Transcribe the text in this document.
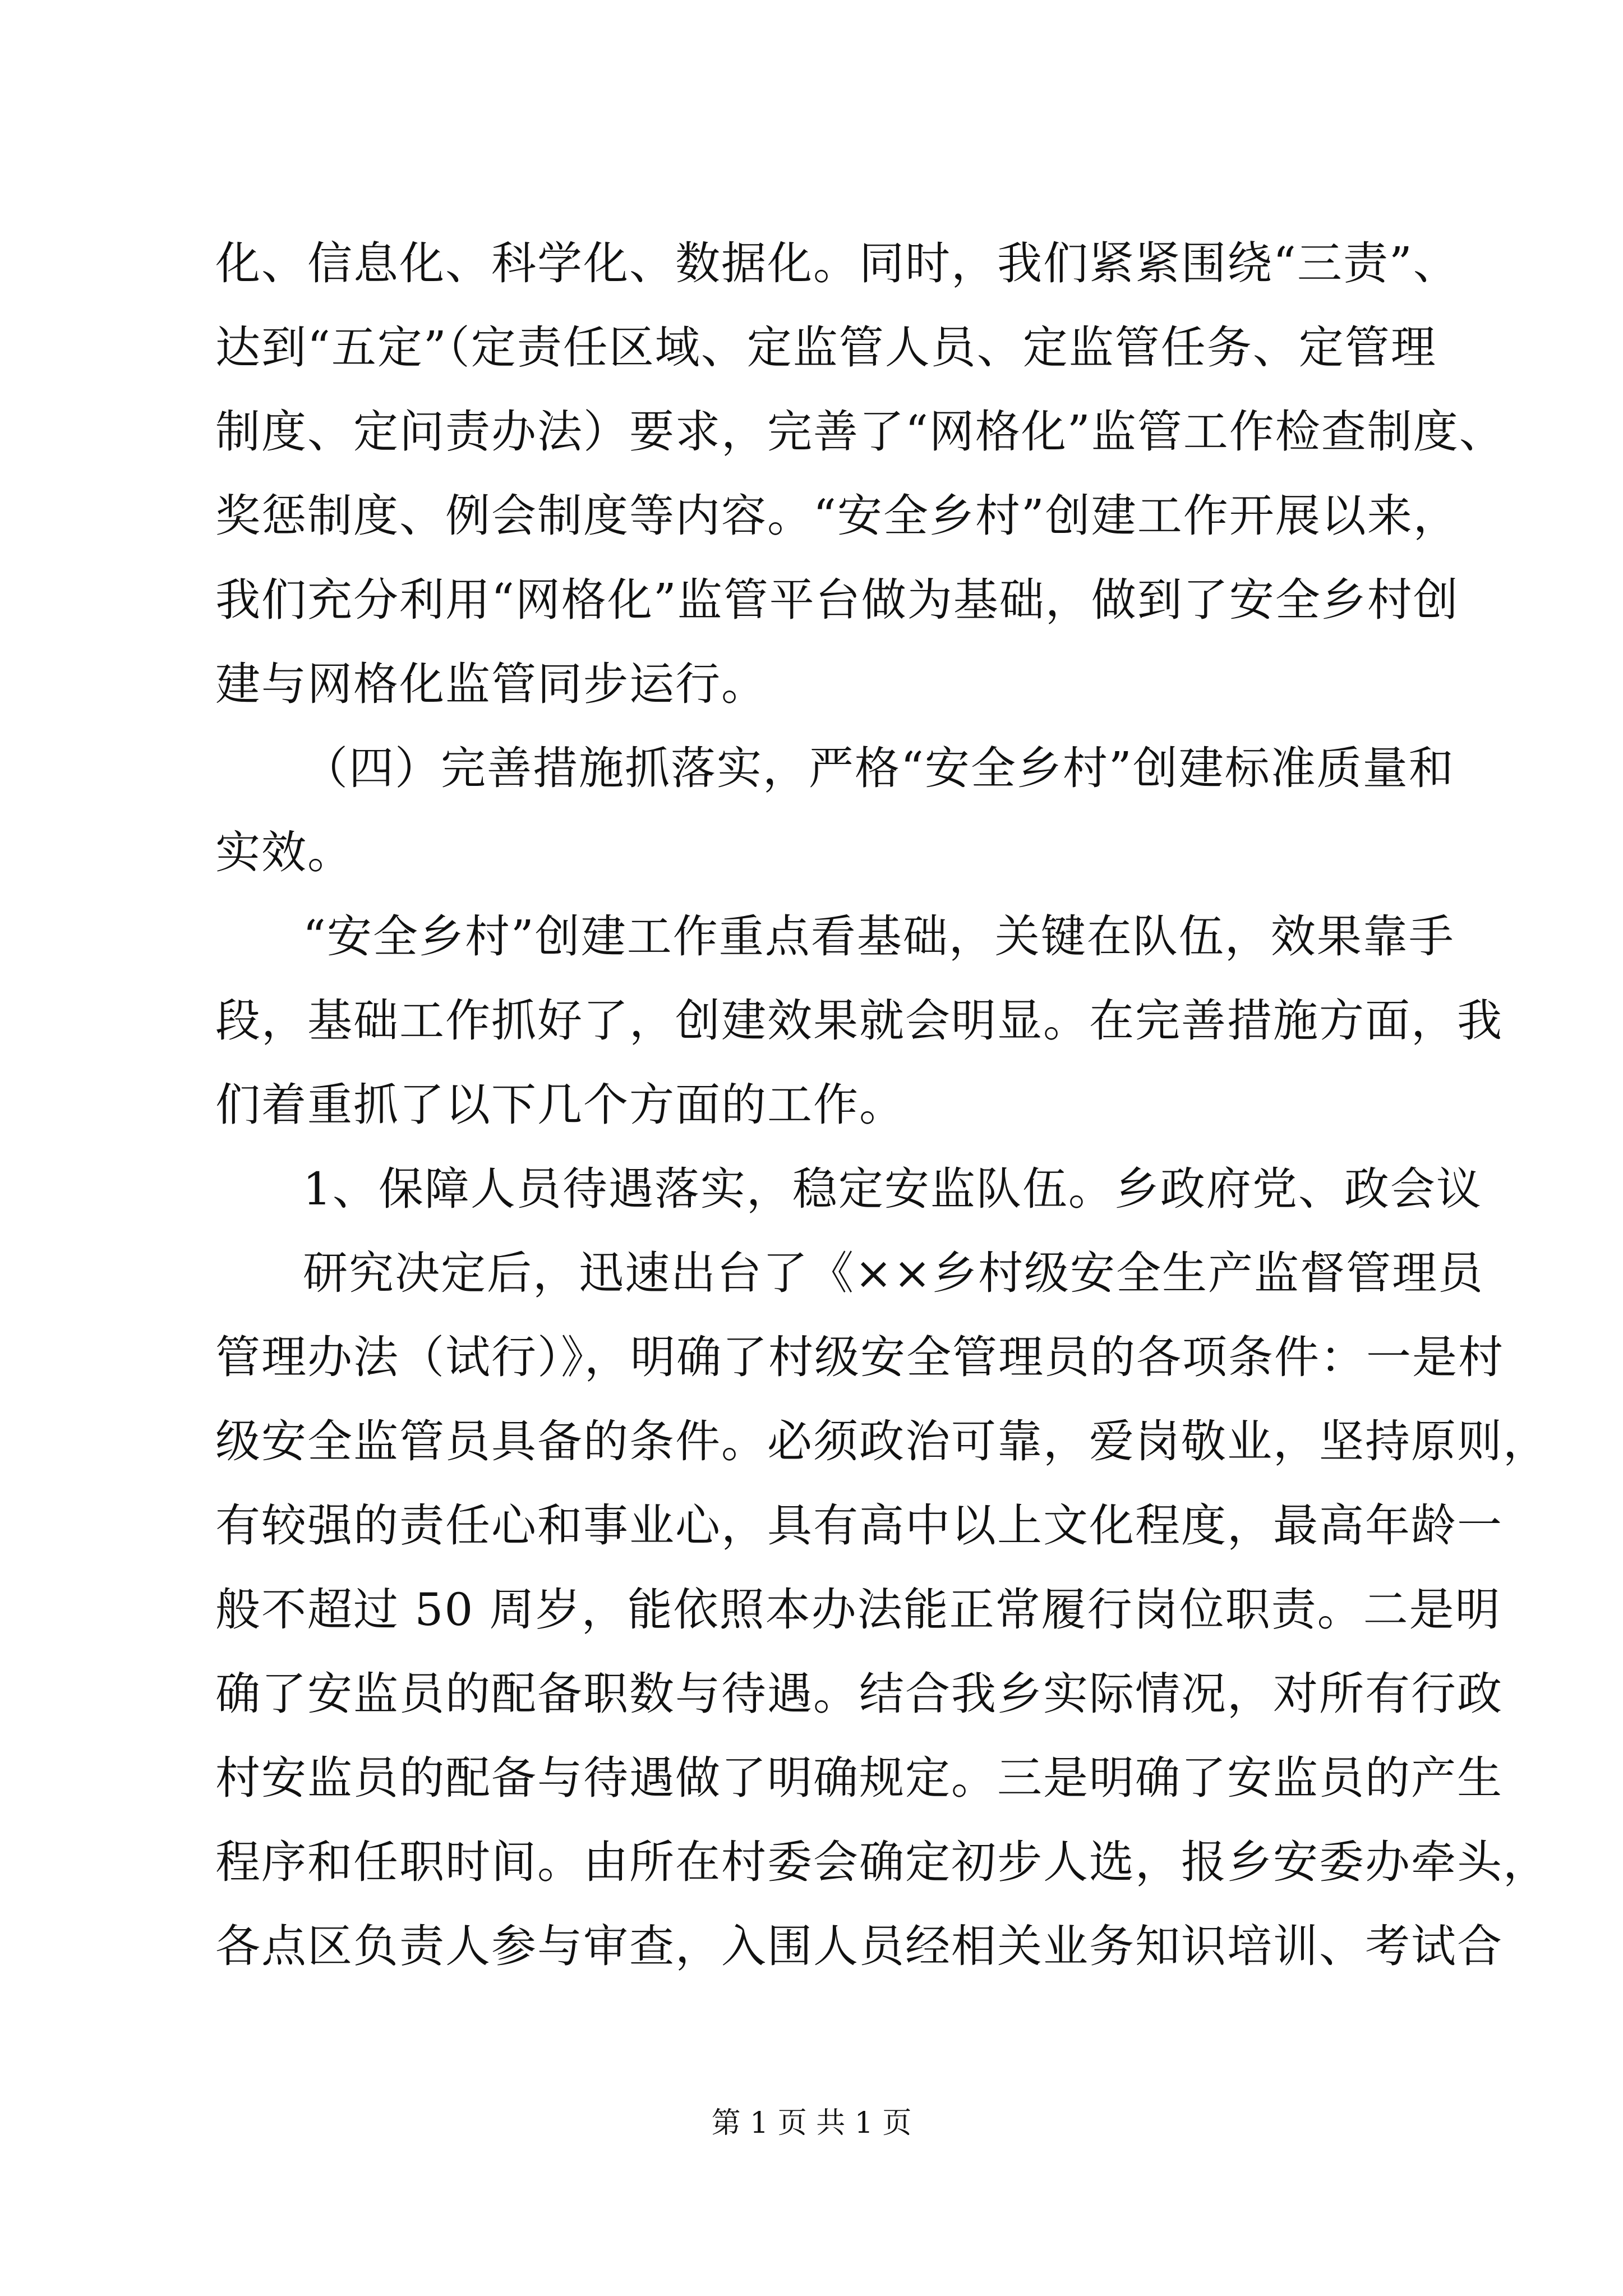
化、信息化、科学化、数据化。同时，我们紧紧围绕“三责”、
达到“五定”（定责任区域、定监管人员、定监管任务、定管理
制度、定问责办法）要求，完善了“网格化”监管工作检查制度、
奖惩制度、例会制度等内容。“安全乡村”创建工作开展以来，
我们充分利用“网格化”监管平台做为基础，做到了安全乡村创
建与网格化监管同步运行。
（四）完善措施抓落实，严格“安全乡村”创建标准质量和
实效。
“安全乡村”创建工作重点看基础，关键在队伍，效果靠手
段，基础工作抓好了，创建效果就会明显。在完善措施方面，我
们着重抓了以下几个方面的工作。
1、保障人员待遇落实，稳定安监队伍。乡政府党、政会议
研究决定后，迅速出台了《××乡村级安全生产监督管理员
管理办法（试行）》，明确了村级安全管理员的各项条件：一是村
级安全监管员具备的条件。必须政治可靠，爱岗敬业，坚持原则，
有较强的责任心和事业心，具有高中以上文化程度，最高年龄一
般不超过 50 周岁，能依照本办法能正常履行岗位职责。二是明
确了安监员的配备职数与待遇。结合我乡实际情况，对所有行政
村安监员的配备与待遇做了明确规定。三是明确了安监员的产生
程序和任职时间。由所在村委会确定初步人选，报乡安委办牵头，
第 1 页 共 1 页
各点区负责人参与审查，入围人员经相关业务知识培训、考试合
